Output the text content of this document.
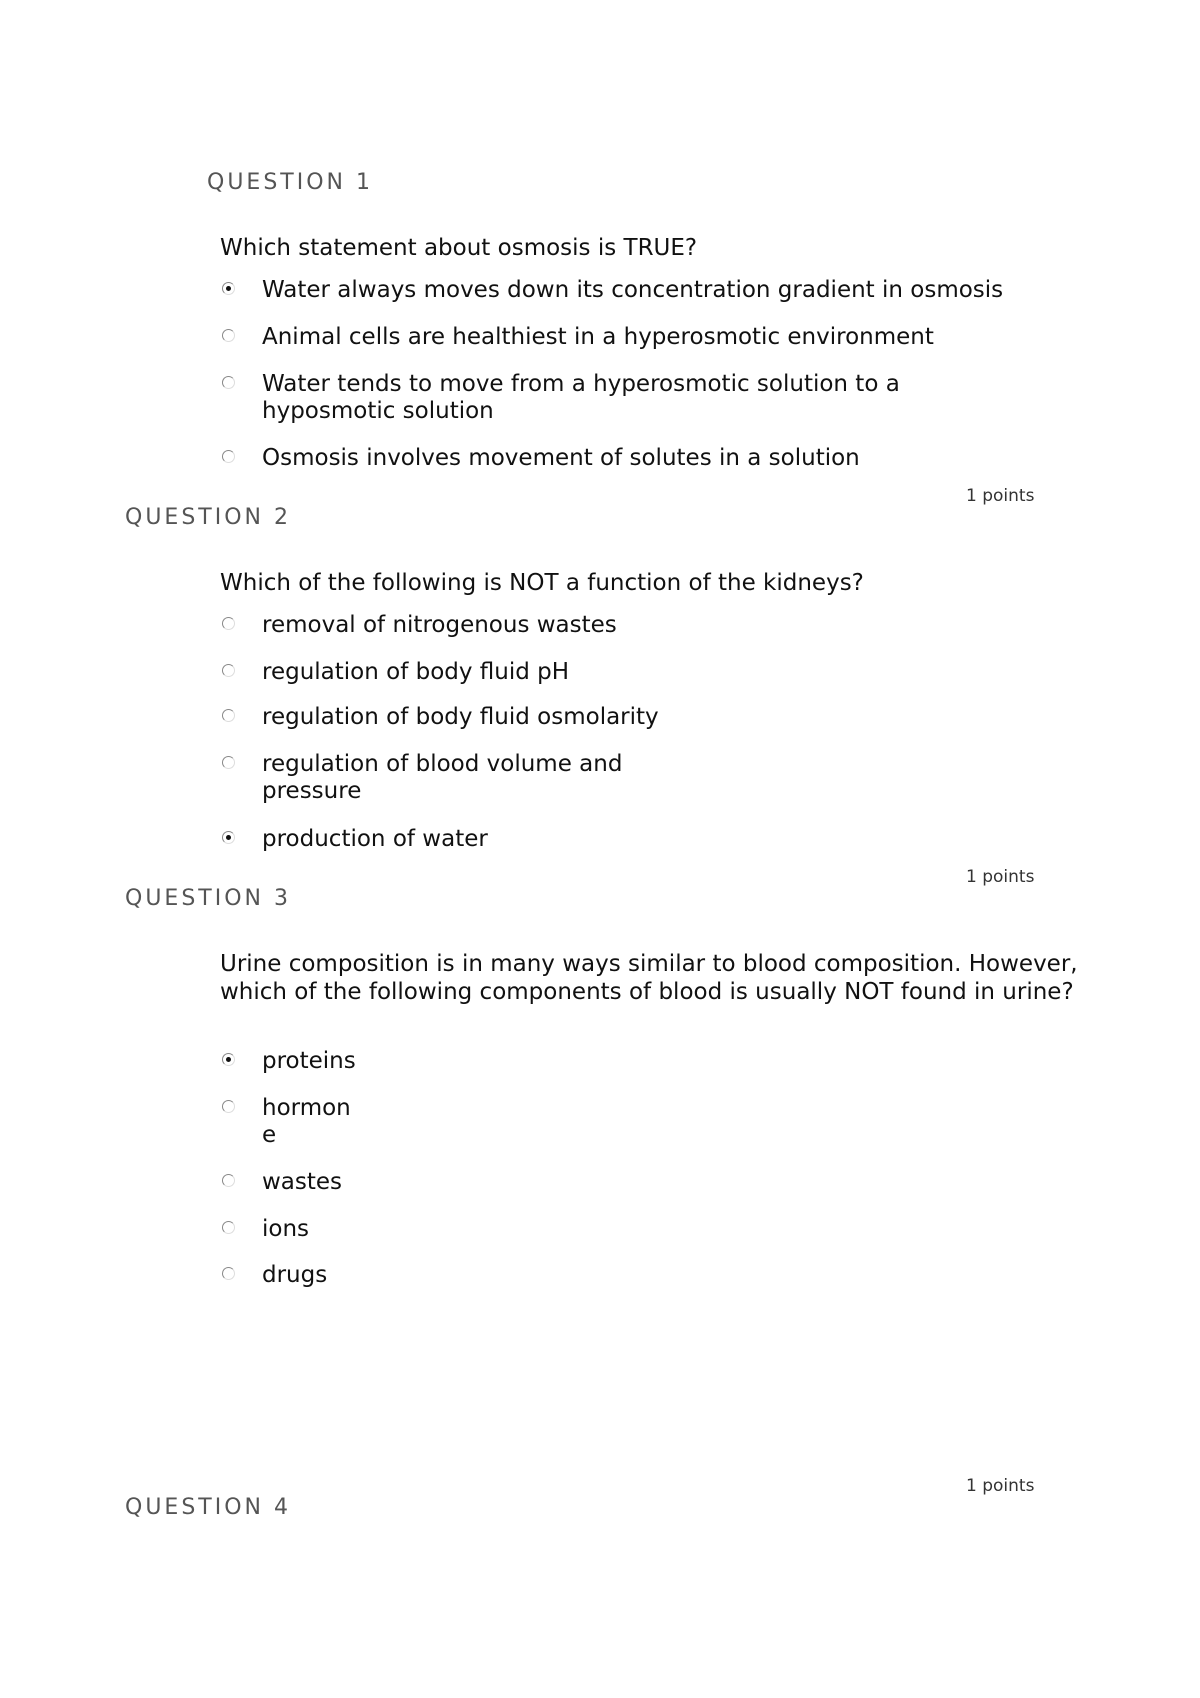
QUESTION 1
Which statement about osmosis is TRUE?
Water always moves down its concentration gradient in osmosis
Animal cells are healthiest in a hyperosmotic environment
Water tends to move from a hyperosmotic solution to a hyposmotic solution
Osmosis involves movement of solutes in a solution
1 points
QUESTION 2
Which of the following is NOT a function of the kidneys?
removal of nitrogenous wastes
regulation of body fluid pH
regulation of body fluid osmolarity
regulation of blood volume and pressure
production of water
1 points
QUESTION 3
Urine composition is in many ways similar to blood composition. However, which of the following components of blood is usually NOT found in urine?
proteins
hormone
wastes
ions
drugs
1 points
QUESTION 4
